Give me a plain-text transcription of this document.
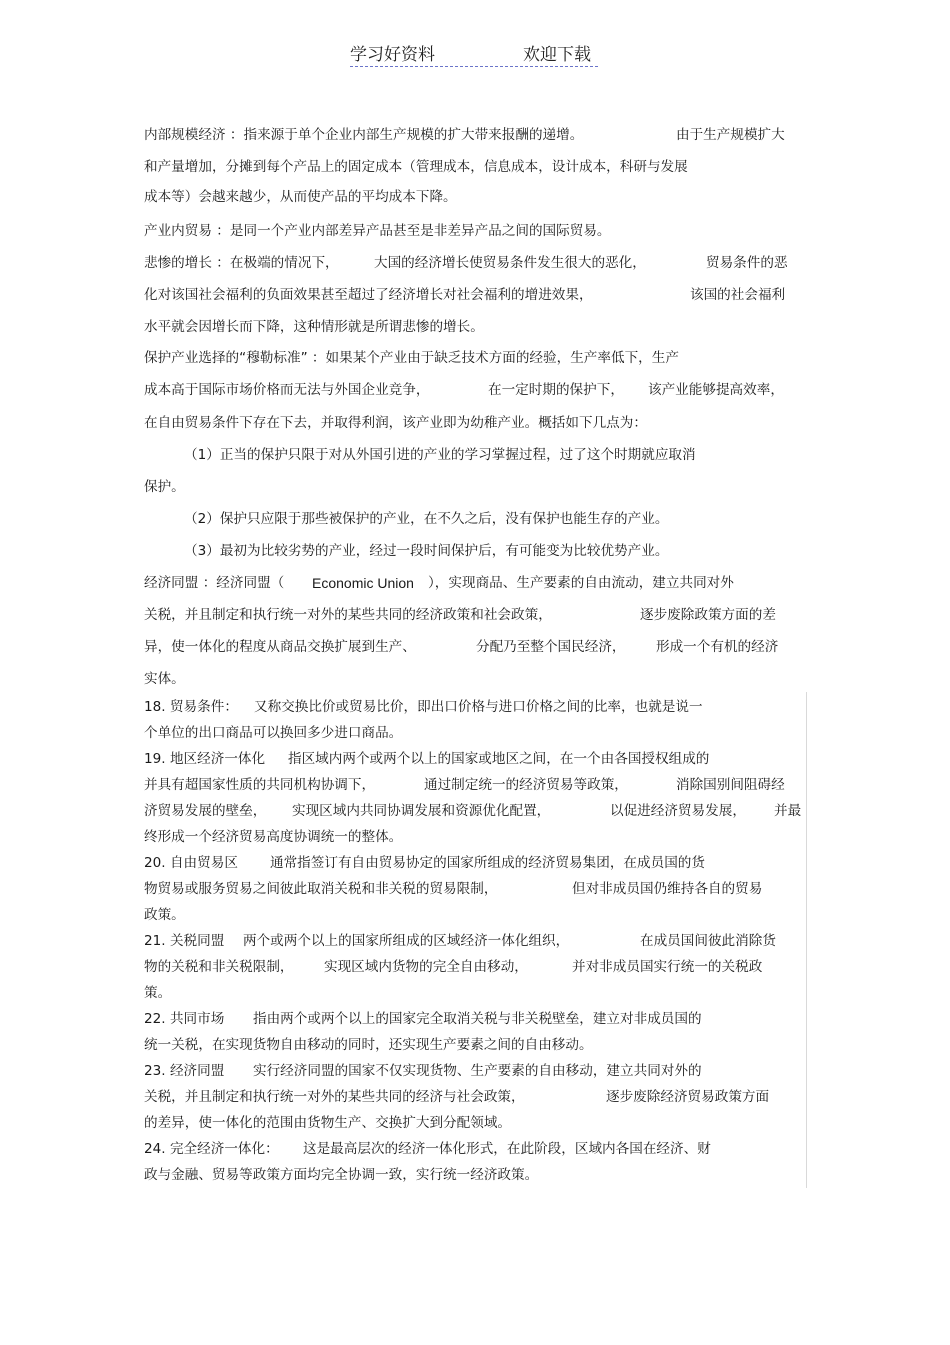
学习好资料	欢迎下载
内部规模经济 ：指来源于单个企业内部生产规模的扩大带来报酬的递增。	由于生产规模扩大
和产量增加，分摊到每个产品上的固定成本（管理成本，信息成本，设计成本，科研与发展
成本等）会越来越少，从而使产品的平均成本下降。
产业内贸易 ：是同一个产业内部差异产品甚至是非差异产品之间的国际贸易。
悲惨的增长 ：在极端的情况下，	大国的经济增长使贸易条件发生很大的恶化，	贸易条件的恶
化对该国社会福利的负面效果甚至超过了经济增长对社会福利的增进效果，	该国的社会福利
水平就会因增长而下降，这种情形就是所谓悲惨的增长。
保护产业选择的“穆勒标准” ：如果某个产业由于缺乏技术方面的经验，生产率低下，生产
成本高于国际市场价格而无法与外国企业竞争，	在一定时期的保护下， 该产业能够提高效率，
在自由贸易条件下存在下去，并取得利润，该产业即为幼稚产业。概括如下几点为：
（1）正当的保护只限于对从外国引进的产业的学习掌握过程，过了这个时期就应取消
保护。
（2）保护只应限于那些被保护的产业，在不久之后，没有保护也能生存的产业。
（3）最初为比较劣势的产业，经过一段时间保护后，有可能变为比较优势产业。
经济同盟 ：经济同盟（ Economic Union ），实现商品、生产要素的自由流动，建立共同对外
关税，并且制定和执行统一对外的某些共同的经济政策和社会政策，	逐步废除政策方面的差
异，使一体化的程度从商品交换扩展到生产、	分配乃至整个国民经济， 形成一个有机的经济
实体。
18. 贸易条件： 又称交换比价或贸易比价，即出口价格与进口价格之间的比率，也就是说一
个单位的出口商品可以换回多少进口商品。
19. 地区经济一体化 指区域内两个或两个以上的国家或地区之间，在一个由各国授权组成的
并具有超国家性质的共同机构协调下，	通过制定统一的经济贸易等政策，	消除国别间阻碍经
济贸易发展的壁垒， 实现区域内共同协调发展和资源优化配置，	以促进经济贸易发展， 并最
终形成一个经济贸易高度协调统一的整体。
20. 自由贸易区 通常指签订有自由贸易协定的国家所组成的经济贸易集团，在成员国的货
物贸易或服务贸易之间彼此取消关税和非关税的贸易限制，	但对非成员国仍维持各自的贸易
政策。
21. 关税同盟 两个或两个以上的国家所组成的区域经济一体化组织，	在成员国间彼此消除货
物的关税和非关税限制， 实现区域内货物的完全自由移动，	并对非成员国实行统一的关税政
策。
22. 共同市场 指由两个或两个以上的国家完全取消关税与非关税壁垒，建立对非成员国的
统一关税，在实现货物自由移动的同时，还实现生产要素之间的自由移动。
23. 经济同盟 实行经济同盟的国家不仅实现货物、生产要素的自由移动，建立共同对外的
关税，并且制定和执行统一对外的某些共同的经济与社会政策，	逐步废除经济贸易政策方面
的差异，使一体化的范围由货物生产、交换扩大到分配领域。
24. 完全经济一体化： 这是最高层次的经济一体化形式，在此阶段，区域内各国在经济、财
政与金融、贸易等政策方面均完全协调一致，实行统一经济政策。
